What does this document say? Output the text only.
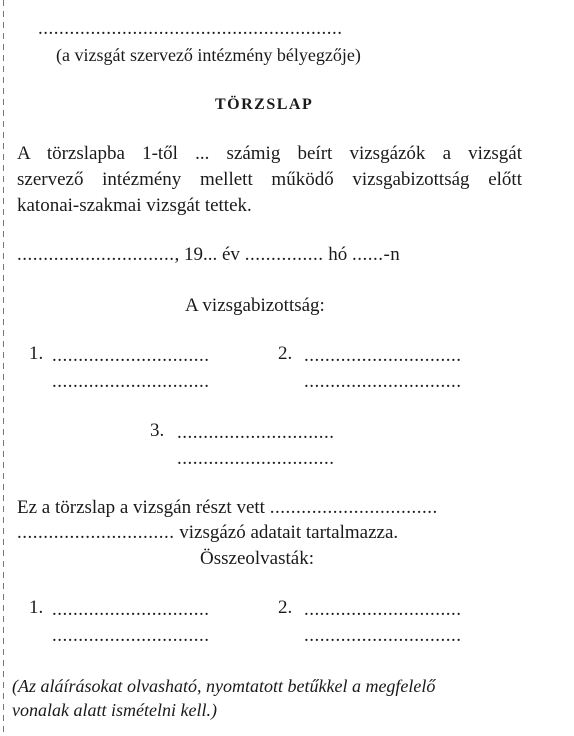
..........................................................
(a vizsgát szervező intézmény bélyegzője)
TÖRZSLAP
A törzslapba 1-től ... számig beírt vizsgázók a vizsgát
szervező intézmény mellett működő vizsgabizottság előtt
katonai-szakmai vizsgát tettek.
.............................., 19... év ............... hó ......-n
A vizsgabizottság:
1. ..............................
..............................
2. ..............................
..............................
3. ..............................
..............................
Ez a törzslap a vizsgán részt vett ................................
.............................. vizsgázó adatait tartalmazza.
Összeolvasták:
1. ..............................
..............................
2. ..............................
..............................
(Az aláírásokat olvasható, nyomtatott betűkkel a megfelelő
vonalak alatt ismételni kell.)
